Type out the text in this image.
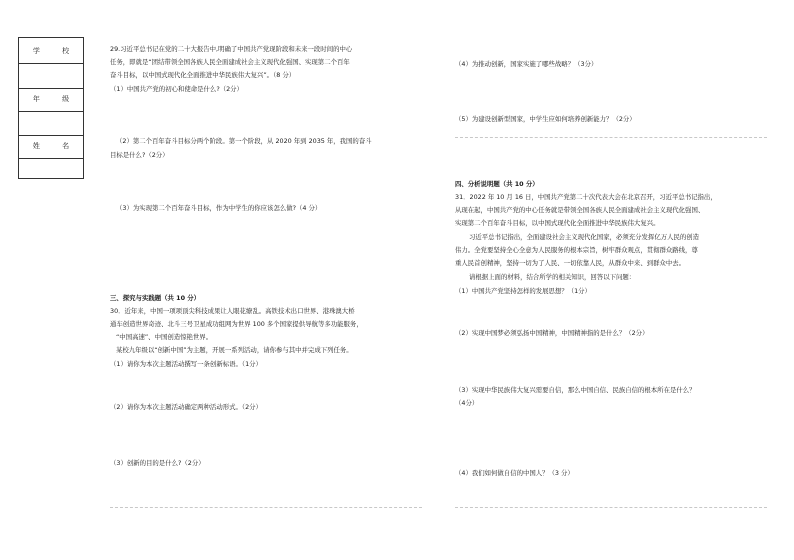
学 校
年 级
姓 名
29.习近平总书记在党的二十大报告中,明确了中国共产党现阶段和未来一段时间的中心
任务，即就是“团结带领全国各族人民全面建成社会主义现代化强国、实现第二个百年
奋斗目标，以中国式现代化全面推进中华民族伟大复兴”。（8 分）
（1）中国共产党的初心和使命是什么?（2分）
（2）第二个百年奋斗目标分两个阶段。第一个阶段，从 2020 年到 2035 年，我国的奋斗
目标是什么?（2分）
（3）为实现第二个百年奋斗目标，作为中学生的你应该怎么做?（4 分）
三、探究与实践题（共 10 分）
30．近年来，中国一项项顶尖科技成果让人眼花缭乱。高铁技术出口世界、港珠澳大桥
通车创造世界奇迹、北斗三号卫星成功组网为世界 100 多个国家提供导航等多功能服务，
“中国高速”、中国创造惊艳世界。
某校九年级以“创新中国”为主题，开展一系列活动，请你参与其中并完成下列任务。
（1）请你为本次主题活动撰写一条创新标语。（1分）
（2）请你为本次主题活动确定两种活动形式。（2分）
（3）创新的目的是什么?（2分）
（4）为推动创新，国家实施了哪些战略？（3分）
（5）为建设创新型国家，中学生应如何培养创新能力？（2分）
四、分析说明题（共 10 分）
31．2022 年 10 月 16 日，中国共产党第二十次代表大会在北京召开，习近平总书记指出，
从现在起，中国共产党的中心任务就是带领全国各族人民全面建成社会主义现代化强国、
实现第二个百年奋斗目标，以中国式现代化全面推进中华民族伟大复兴。
习近平总书记指出，全面建设社会主义现代化国家，必须充分发挥亿万人民的创造
伟力。全党要坚持全心全意为人民服务的根本宗旨，树牢群众观点，贯彻群众路线，尊
重人民首创精神，坚持一切为了人民、一切依靠人民，从群众中来、到群众中去。
请根据上面的材料，结合所学的相关知识，回答以下问题：
（1）中国共产党坚持怎样的发展思想？（1分）
（2）实现中国梦必须弘扬中国精神，中国精神指的是什么？（2分）
（3）实现中华民族伟大复兴需要自信，那么中国自信、民族自信的根本所在是什么？
（4分）
（4）我们如何做自信的中国人？（3 分）
